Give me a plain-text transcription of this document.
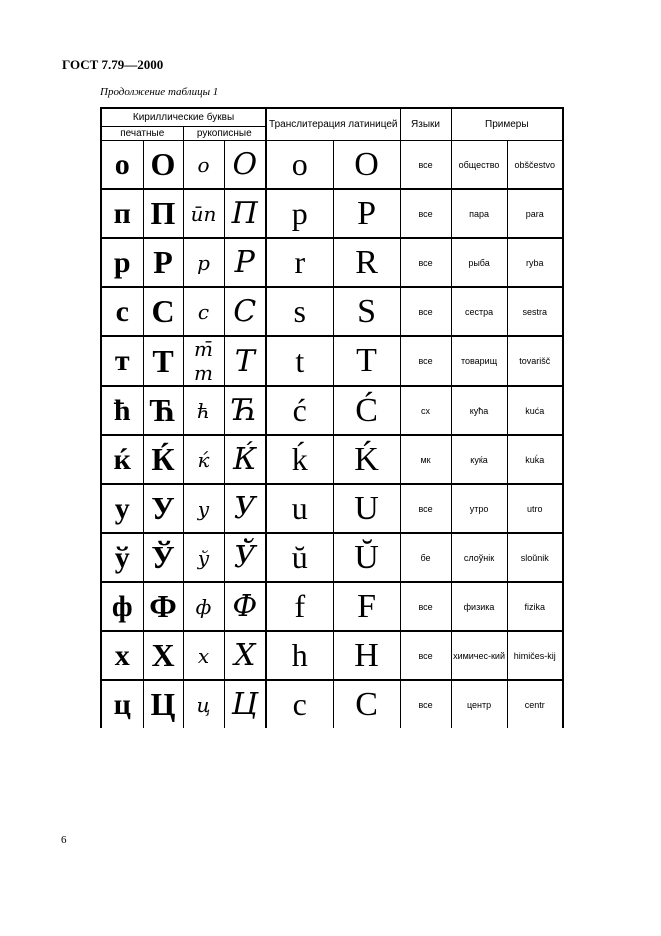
ГОСТ 7.79—2000
Продолжение таблицы 1
Кириллические буквы				Транслитерация латиницей		Языки	Примеры	
печатные		рукописные						
о	О	о	О	o	O	все	общество	obščestvo
п	П	ūп	П	p	P	все	пара	para
р	Р	р	Р	r	R	все	рыба	ryba
с	С	с	С	s	S	все	сестра	sestra
т	Т	т̄ т	Т	t	T	все	товарищ	tovarišč
ћ	Ћ	ћ	Ћ	ć	Ć	сх	кућа	kuća
ќ	Ќ	ќ	Ќ	ḱ	Ḱ	мк	куќа	kuḱa
у	У	у	У	u	U	все	утро	utro
ў	Ў	ў	Ў	ŭ	Ŭ	бе	слоўнік	sloŭnik
ф	Ф	ф	Ф	f	F	все	физика	fizika
х	Х	х	Х	h	H	все	химичес-кий	himičes-kij
ц	Ц	ц	Ц	c	C	все	центр	centr
6
